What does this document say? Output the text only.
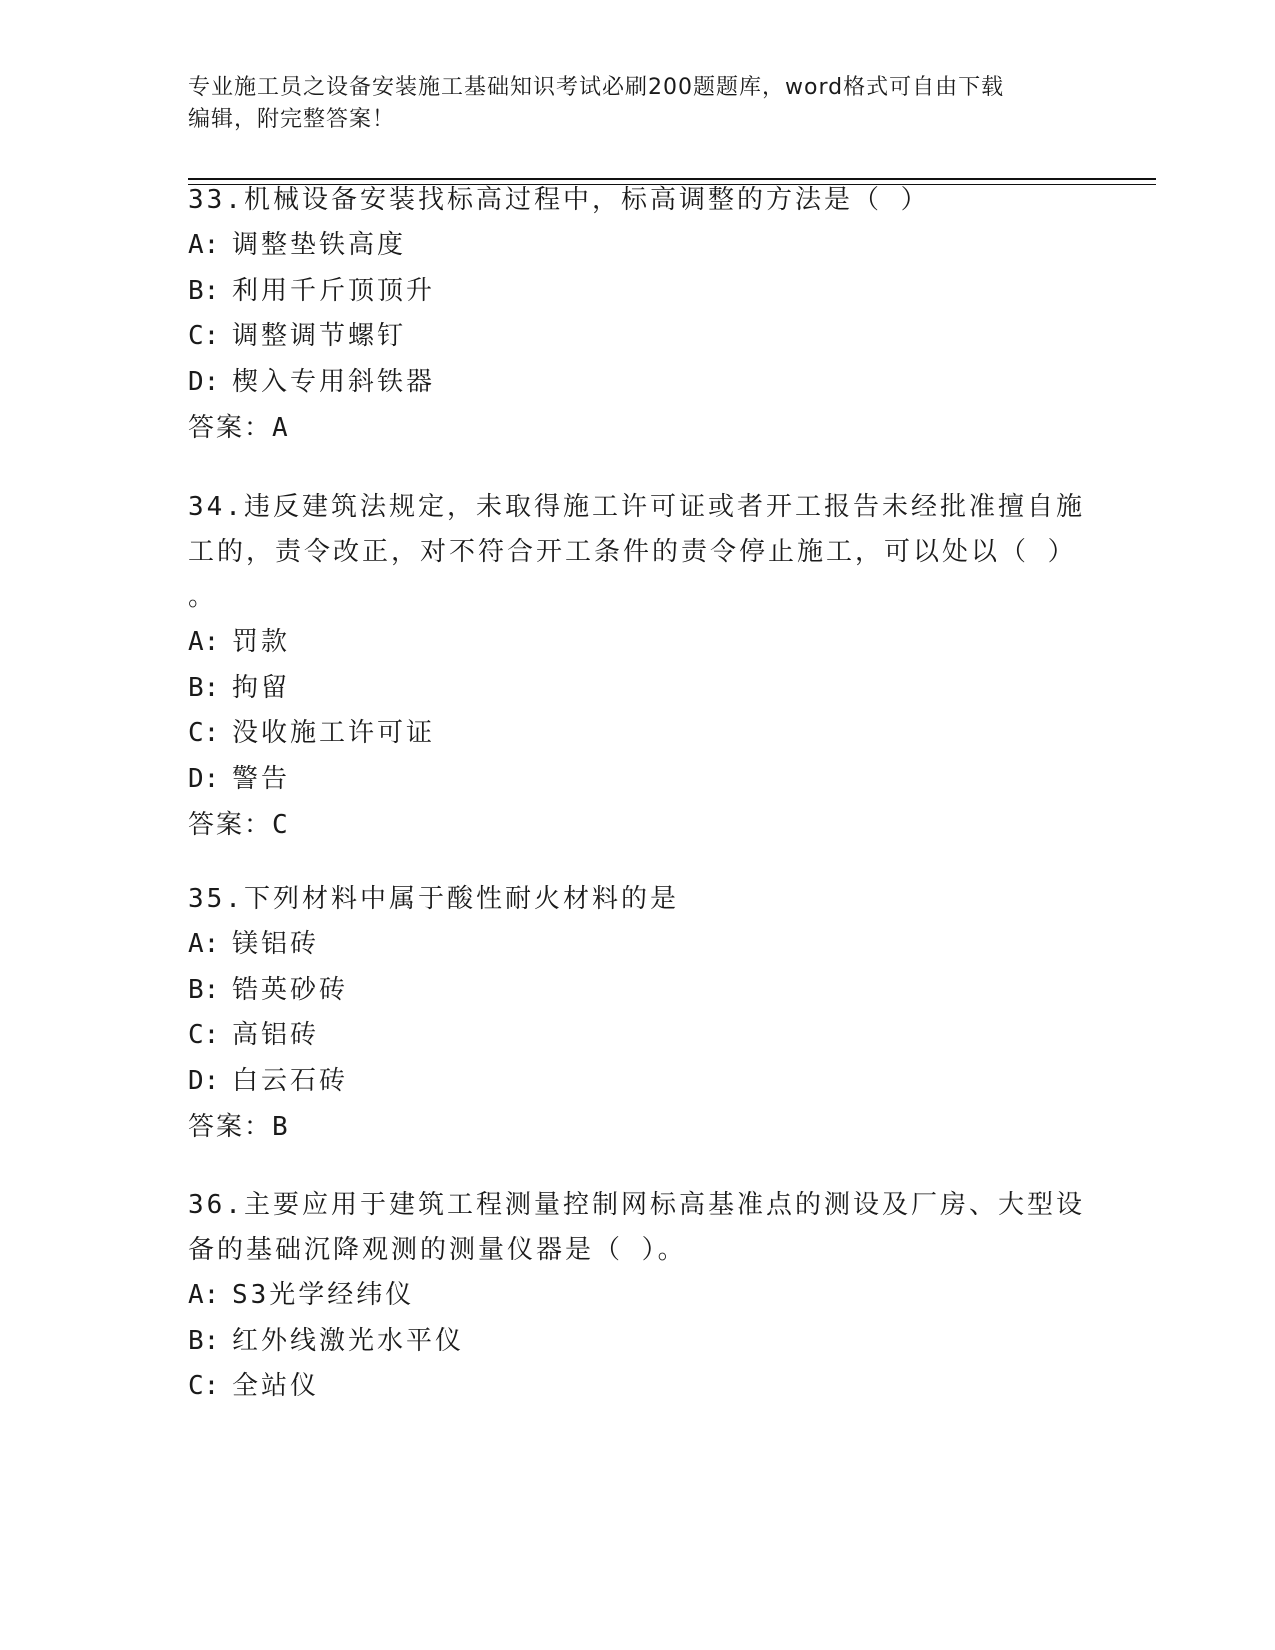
专业施工员之设备安装施工基础知识考试必刷200题题库，word格式可自由下载
编辑，附完整答案！
33.机械设备安装找标高过程中，标高调整的方法是（ ）
A: 调整垫铁高度
B: 利用千斤顶顶升
C: 调整调节螺钉
D: 楔入专用斜铁器
答案：A
34.违反建筑法规定，未取得施工许可证或者开工报告未经批准擅自施
工的，责令改正，对不符合开工条件的责令停止施工，可以处以（ ）
。
A: 罚款
B: 拘留
C: 没收施工许可证
D: 警告
答案：C
35.下列材料中属于酸性耐火材料的是
A: 镁铝砖
B: 锆英砂砖
C: 高铝砖
D: 白云石砖
答案：B
36.主要应用于建筑工程测量控制网标高基准点的测设及厂房、大型设
备的基础沉降观测的测量仪器是（ ）。
A: S3光学经纬仪
B: 红外线激光水平仪
C: 全站仪
